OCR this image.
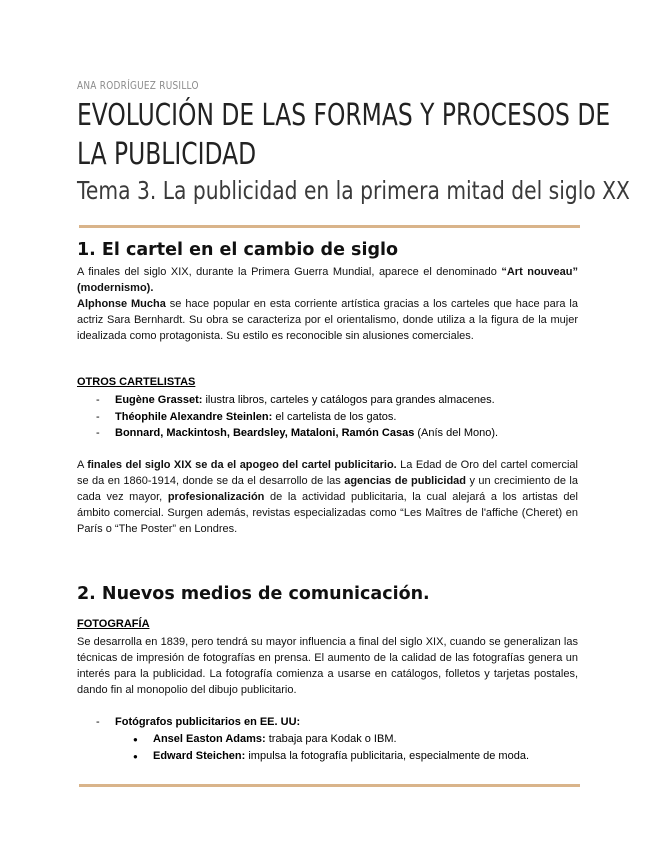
ANA RODRÍGUEZ RUSILLO
EVOLUCIÓN DE LAS FORMAS Y PROCESOS DE
LA PUBLICIDAD
Tema 3. La publicidad en la primera mitad del siglo XX
1. El cartel en el cambio de siglo

A finales del siglo XIX, durante la Primera Guerra Mundial, aparece el denominado “Art nouveau” (modernismo).

Alphonse Mucha se hace popular en esta corriente artística gracias a los carteles que hace para la actriz Sara Bernhardt. Su obra se caracteriza por el orientalismo, donde utiliza a la figura de la mujer idealizada como protagonista. Su estilo es reconocible sin alusiones comerciales.

OTROS CARTELISTAS
- Eugène Grasset: ilustra libros, carteles y catálogos para grandes almacenes.
- Théophile Alexandre Steinlen: el cartelista de los gatos.
- Bonnard, Mackintosh, Beardsley, Mataloni, Ramón Casas (Anís del Mono).

A finales del siglo XIX se da el apogeo del cartel publicitario. La Edad de Oro del cartel comercial se da en 1860-1914, donde se da el desarrollo de las agencias de publicidad y un crecimiento de la cada vez mayor, profesionalización de la actividad publicitaria, la cual alejará a los artistas del ámbito comercial. Surgen además, revistas especializadas como “Les Maîtres de l'affiche (Cheret) en París o “The Poster” en Londres.

2. Nuevos medios de comunicación.
FOTOGRAFÍA

Se desarrolla en 1839, pero tendrá su mayor influencia a final del siglo XIX, cuando se generalizan las técnicas de impresión de fotografías en prensa. El aumento de la calidad de las fotografías genera un interés para la publicidad. La fotografía comienza a usarse en catálogos, folletos y tarjetas postales, dando fin al monopolio del dibujo publicitario.

- Fotógrafos publicitarios en EE. UU:
● Ansel Easton Adams: trabaja para Kodak o IBM.
● Edward Steichen: impulsa la fotografía publicitaria, especialmente de moda.
